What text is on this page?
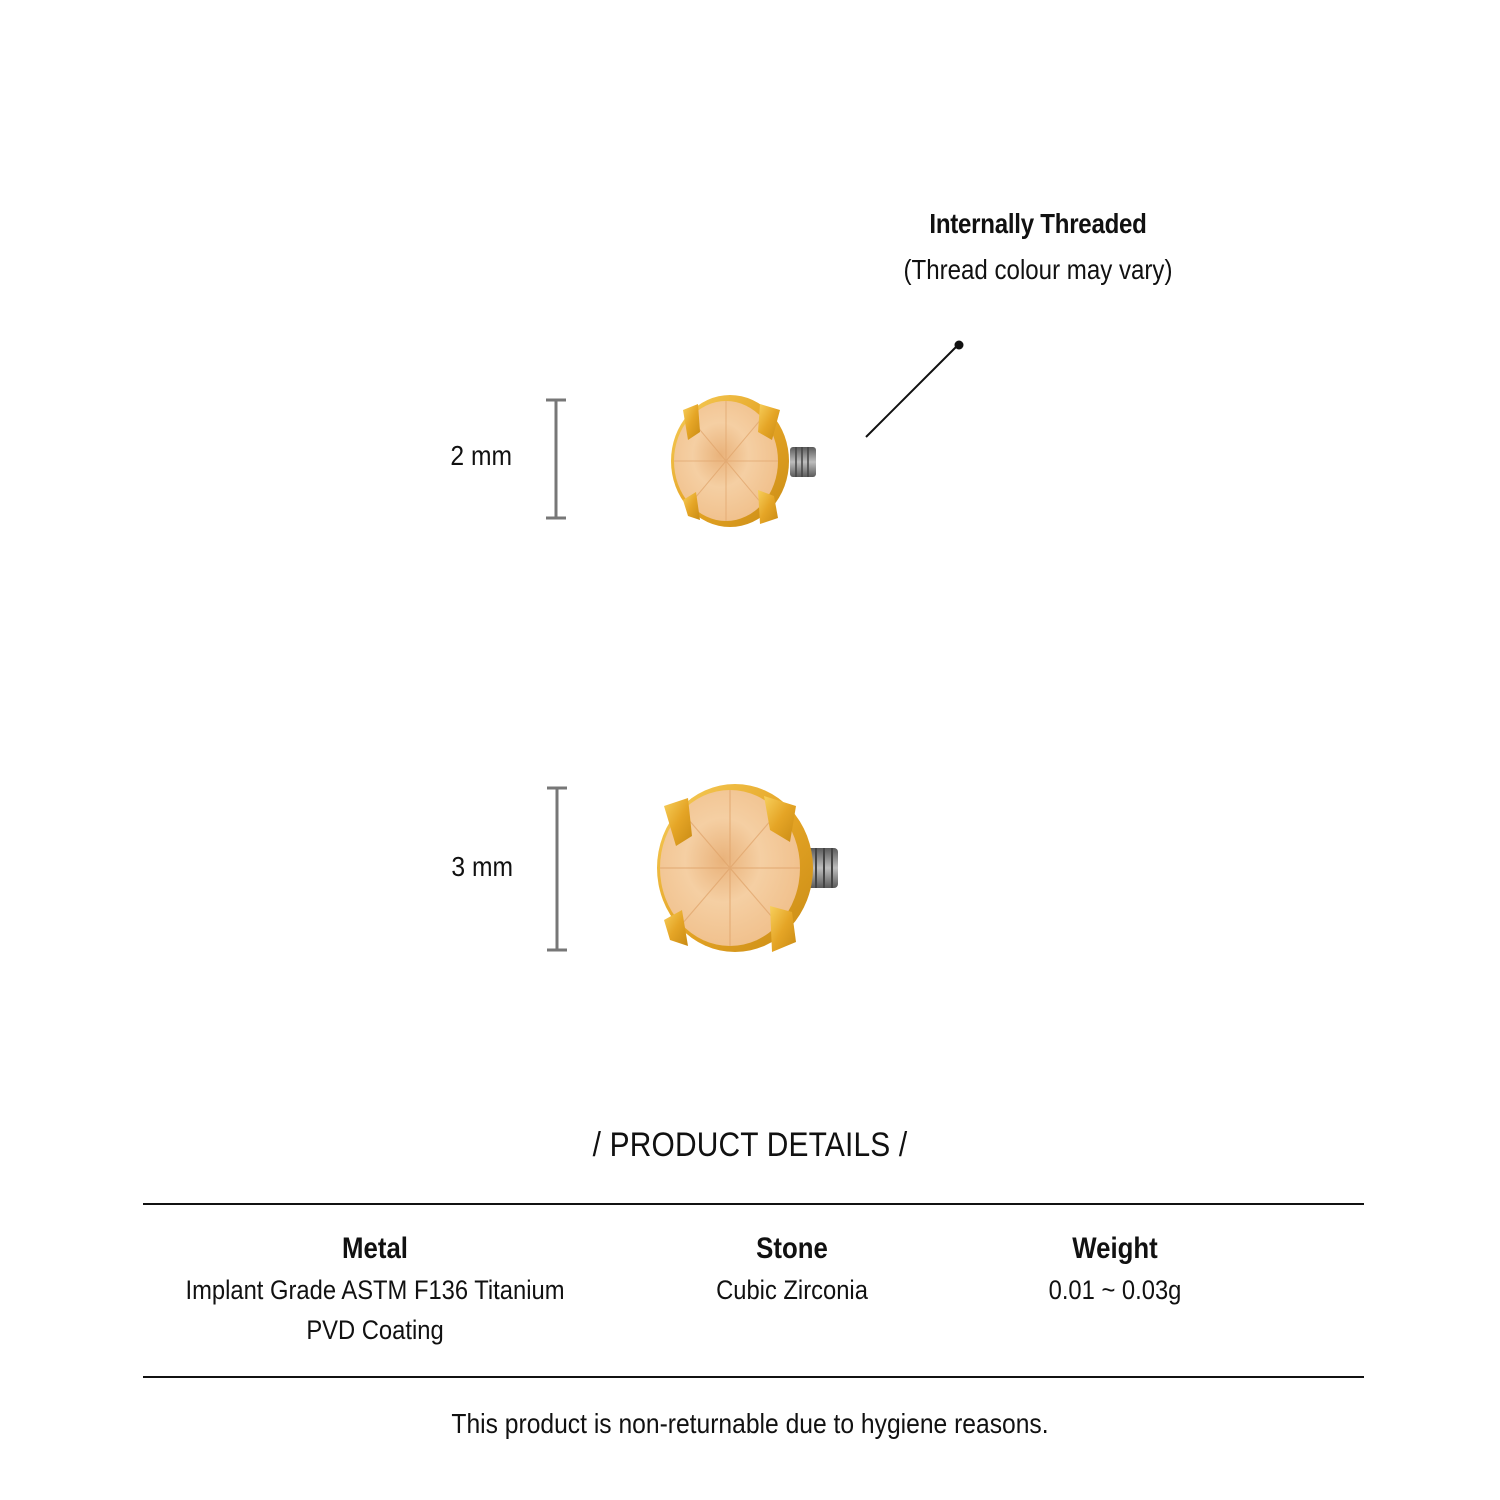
Internally Threaded
(Thread colour may vary)
2 mm
3 mm
/ PRODUCT DETAILS /
Metal
Implant Grade ASTM F136 Titanium
PVD Coating
Stone
Cubic Zirconia
Weight
0.01 ~ 0.03g
This product is non-returnable due to hygiene reasons.
